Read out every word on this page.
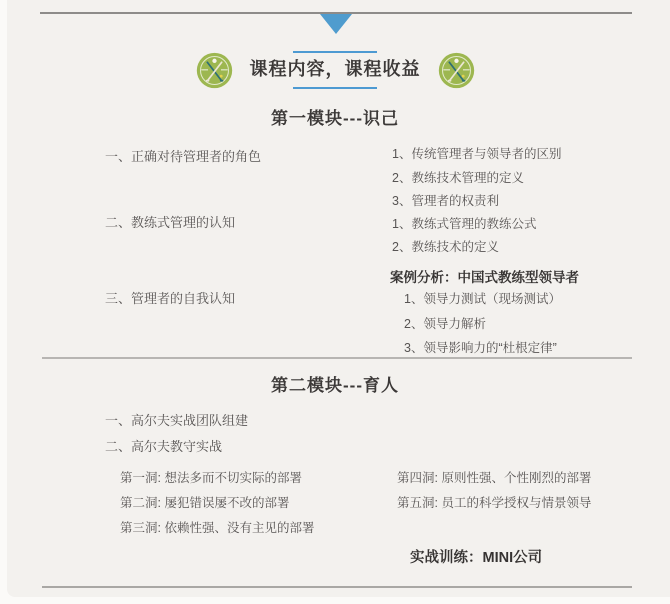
课程内容，课程收益
第一模块---识己
一、正确对待管理者的角色
二、教练式管理的认知
三、管理者的自我认知
1、传统管理者与领导者的区别
2、教练技术管理的定义
3、管理者的权责利
1、教练式管理的教练公式
2、教练技术的定义
案例分析：中国式教练型领导者
1、领导力测试（现场测试）
2、领导力解析
3、领导影响力的“杜根定律”
第二模块---育人
一、高尔夫实战团队组建
二、高尔夫教守实战
第一洞: 想法多而不切实际的部署
第二洞: 屡犯错误屡不改的部署
第三洞: 依赖性强、没有主见的部署
第四洞: 原则性强、个性刚烈的部署
第五洞: 员工的科学授权与情景领导
实战训练：MINI公司
